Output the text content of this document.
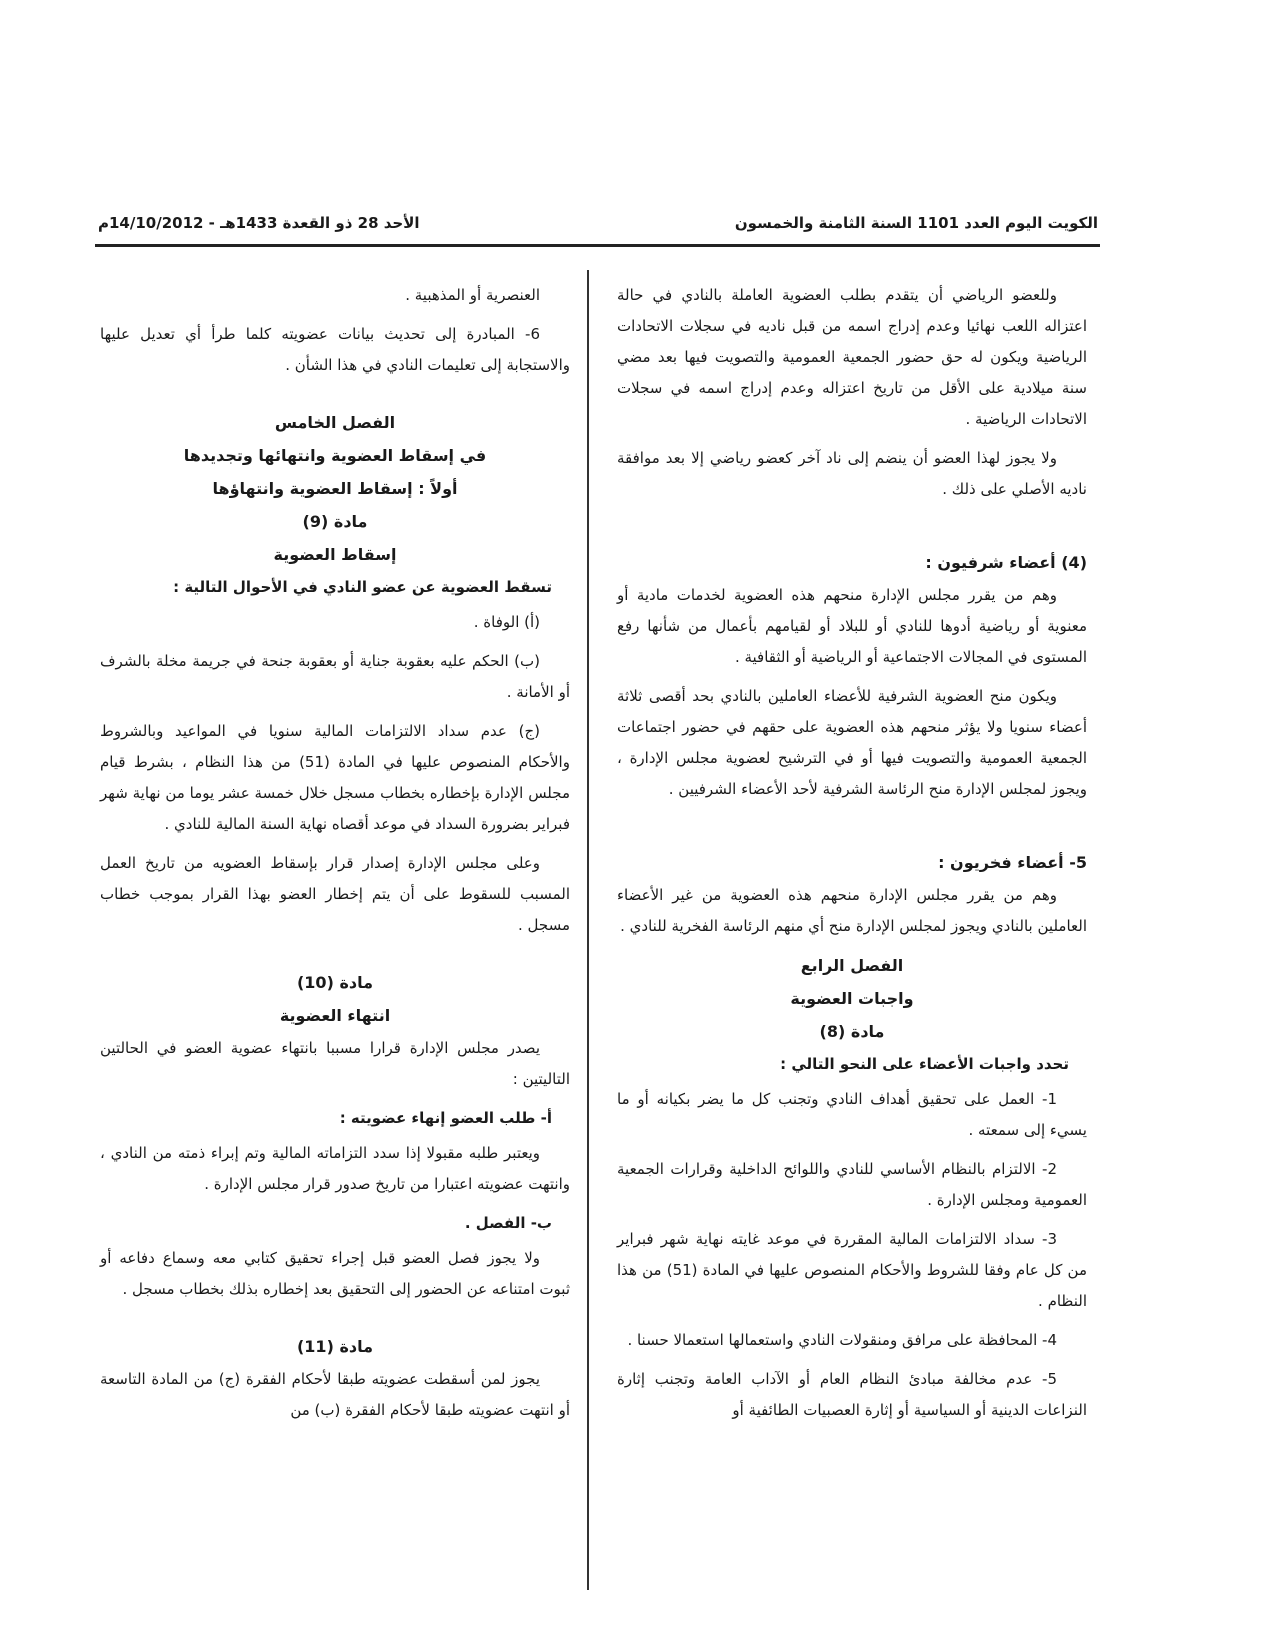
الكويت اليوم العدد 1101 السنة الثامنة والخمسون
الأحد 28 ذو القعدة 1433هـ - 14/10/2012م

وللعضو الرياضي أن يتقدم بطلب العضوية العاملة بالنادي في حالة اعتزاله اللعب نهائيا وعدم إدراج اسمه من قبل ناديه في سجلات الاتحادات الرياضية ويكون له حق حضور الجمعية العمومية والتصويت فيها بعد مضي سنة ميلادية على الأقل من تاريخ اعتزاله وعدم إدراج اسمه في سجلات الاتحادات الرياضية .

ولا يجوز لهذا العضو أن ينضم إلى ناد آخر كعضو رياضي إلا بعد موافقة ناديه الأصلي على ذلك .

(4) أعضاء شرفيون :

وهم من يقرر مجلس الإدارة منحهم هذه العضوية لخدمات مادية أو معنوية أو رياضية أدوها للنادي أو للبلاد أو لقيامهم بأعمال من شأنها رفع المستوى في المجالات الاجتماعية أو الرياضية أو الثقافية .

ويكون منح العضوية الشرفية للأعضاء العاملين بالنادي بحد أقصى ثلاثة أعضاء سنويا ولا يؤثر منحهم هذه العضوية على حقهم في حضور اجتماعات الجمعية العمومية والتصويت فيها أو في الترشيح لعضوية مجلس الإدارة ، ويجوز لمجلس الإدارة منح الرئاسة الشرفية لأحد الأعضاء الشرفيين .

5- أعضاء فخريون :

وهم من يقرر مجلس الإدارة منحهم هذه العضوية من غير الأعضاء العاملين بالنادي ويجوز لمجلس الإدارة منح أي منهم الرئاسة الفخرية للنادي .

الفصل الرابع

واجبات العضوية

مادة (8)

تحدد واجبات الأعضاء على النحو التالي :

1- العمل على تحقيق أهداف النادي وتجنب كل ما يضر بكيانه أو ما يسيء إلى سمعته .

2- الالتزام بالنظام الأساسي للنادي واللوائح الداخلية وقرارات الجمعية العمومية ومجلس الإدارة .

3- سداد الالتزامات المالية المقررة في موعد غايته نهاية شهر فبراير من كل عام وفقا للشروط والأحكام المنصوص عليها في المادة (51) من هذا النظام .

4- المحافظة على مرافق ومنقولات النادي واستعمالها استعمالا حسنا .

5- عدم مخالفة مبادئ النظام العام أو الآداب العامة وتجنب إثارة النزاعات الدينية أو السياسية أو إثارة العصبيات الطائفية أو

العنصرية أو المذهبية .

6- المبادرة إلى تحديث بيانات عضويته كلما طرأ أي تعديل عليها والاستجابة إلى تعليمات النادي في هذا الشأن .

الفصل الخامس

في إسقاط العضوية وانتهائها وتجديدها

أولاً : إسقاط العضوية وانتهاؤها

مادة (9)

إسقاط العضوية

تسقط العضوية عن عضو النادي في الأحوال التالية :

(أ) الوفاة .

(ب) الحكم عليه بعقوبة جناية أو بعقوبة جنحة في جريمة مخلة بالشرف أو الأمانة .

(ج) عدم سداد الالتزامات المالية سنويا في المواعيد وبالشروط والأحكام المنصوص عليها في المادة (51) من هذا النظام ، بشرط قيام مجلس الإدارة بإخطاره بخطاب مسجل خلال خمسة عشر يوما من نهاية شهر فبراير بضرورة السداد في موعد أقصاه نهاية السنة المالية للنادي .

وعلى مجلس الإدارة إصدار قرار بإسقاط العضويه من تاريخ العمل المسبب للسقوط على أن يتم إخطار العضو بهذا القرار بموجب خطاب مسجل .

مادة (10)

انتهاء العضوية

يصدر مجلس الإدارة قرارا مسببا بانتهاء عضوية العضو في الحالتين التاليتين :

أ- طلب العضو إنهاء عضويته :

ويعتبر طلبه مقبولا إذا سدد التزاماته المالية وتم إبراء ذمته من النادي ، وانتهت عضويته اعتبارا من تاريخ صدور قرار مجلس الإدارة .

ب- الفصل .

ولا يجوز فصل العضو قبل إجراء تحقيق كتابي معه وسماع دفاعه أو ثبوت امتناعه عن الحضور إلى التحقيق بعد إخطاره بذلك بخطاب مسجل .

مادة (11)

يجوز لمن أسقطت عضويته طبقا لأحكام الفقرة (ج) من المادة التاسعة أو انتهت عضويته طبقا لأحكام الفقرة (ب) من
